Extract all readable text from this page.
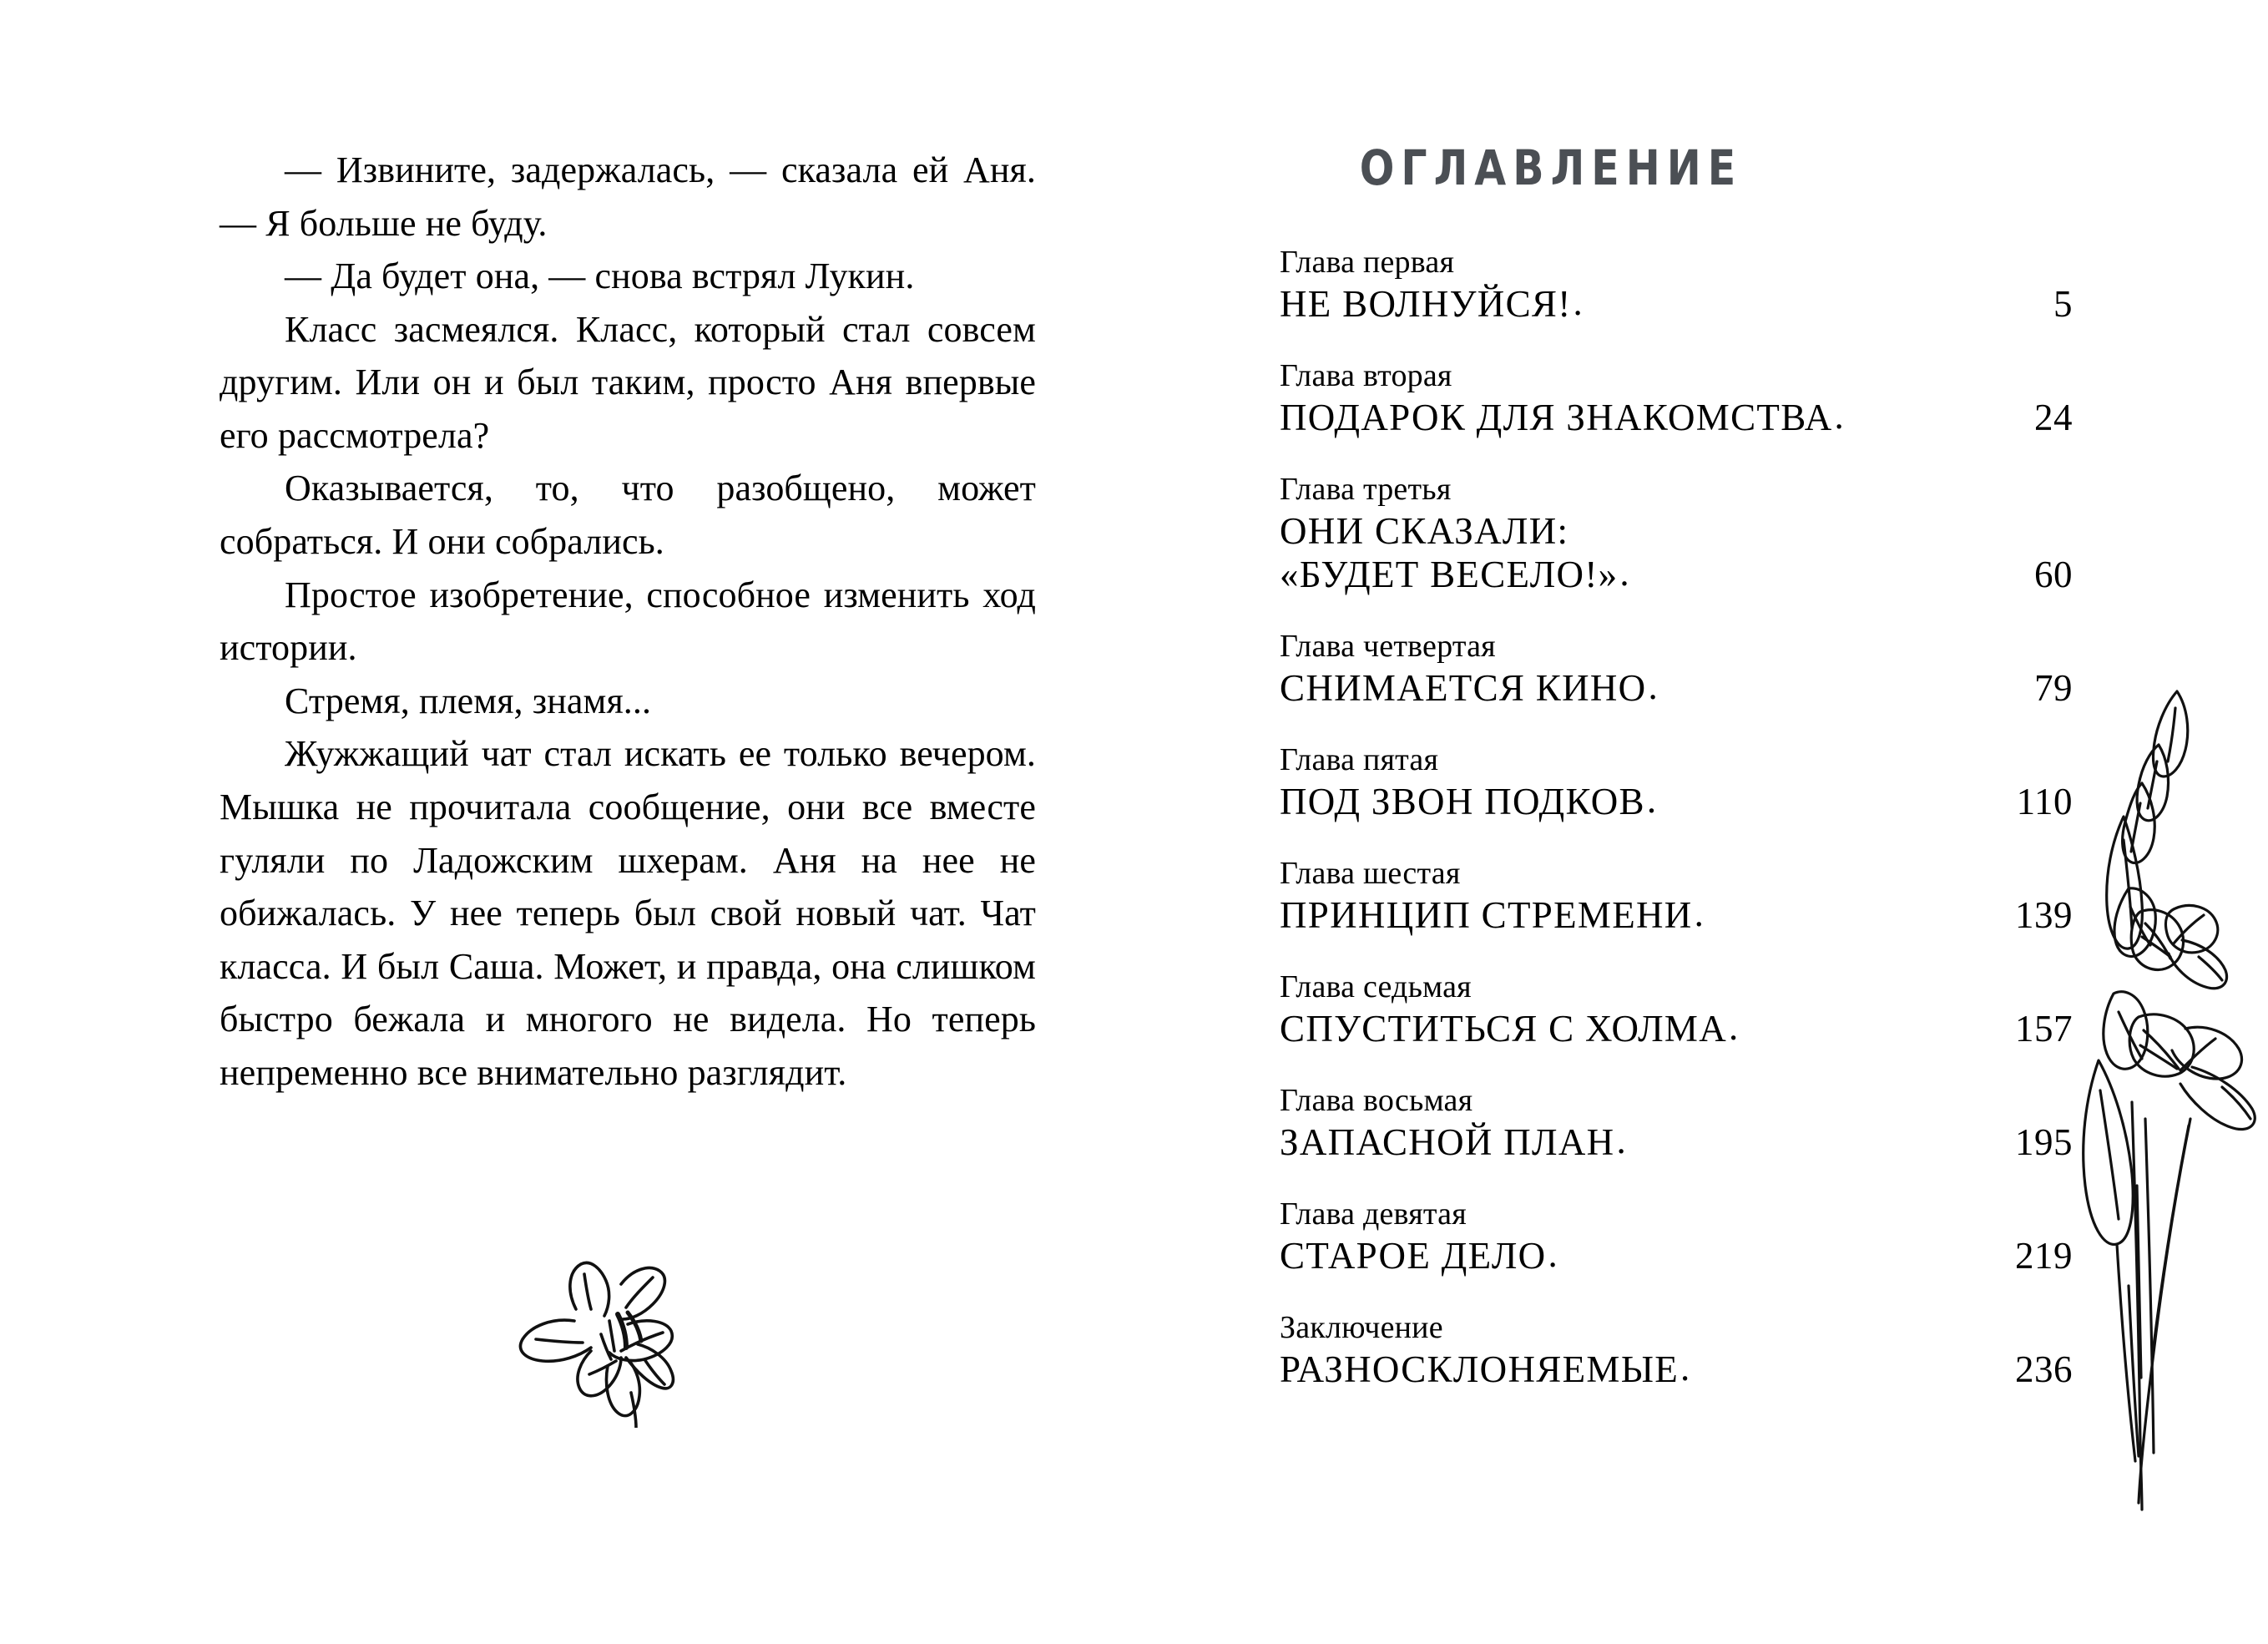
— Извините, задержалась, — сказала ей Аня. — Я больше не буду.

— Да будет она, — снова встрял Лукин.

Класс засмеялся. Класс, который стал совсем другим. Или он и был таким, просто Аня впервые его рассмотрела?

Оказывается, то, что разобщено, может собраться. И они собрались.

Простое изобретение, способное изменить ход истории.

Стремя, племя, знамя...

Жужжащий чат стал искать ее только вечером. Мышка не прочитала сообщение, они все вместе гуляли по Ладожским шхерам. Аня на нее не обижалась. У нее теперь был свой новый чат. Чат класса. И был Саша. Может, и правда, она слишком быстро бежала и многого не видела. Но теперь непременно все внимательно разглядит.

ОГЛАВЛЕНИЕ
Глава первая
НЕ ВОЛНУЙСЯ! .	5
Глава вторая
ПОДАРОК ДЛЯ ЗНАКОМСТВА .	24
Глава третья
ОНИ СКАЗАЛИ:
«БУДЕТ ВЕСЕЛО!» .	60
Глава четвертая
СНИМАЕТСЯ КИНО .	79
Глава пятая
ПОД ЗВОН ПОДКОВ .	110
Глава шестая
ПРИНЦИП СТРЕМЕНИ .	139
Глава седьмая
СПУСТИТЬСЯ С ХОЛМА .	157
Глава восьмая
ЗАПАСНОЙ ПЛАН .	195
Глава девятая
СТАРОЕ ДЕЛО .	219
Заключение
РАЗНОСКЛОНЯЕМЫЕ .	236
